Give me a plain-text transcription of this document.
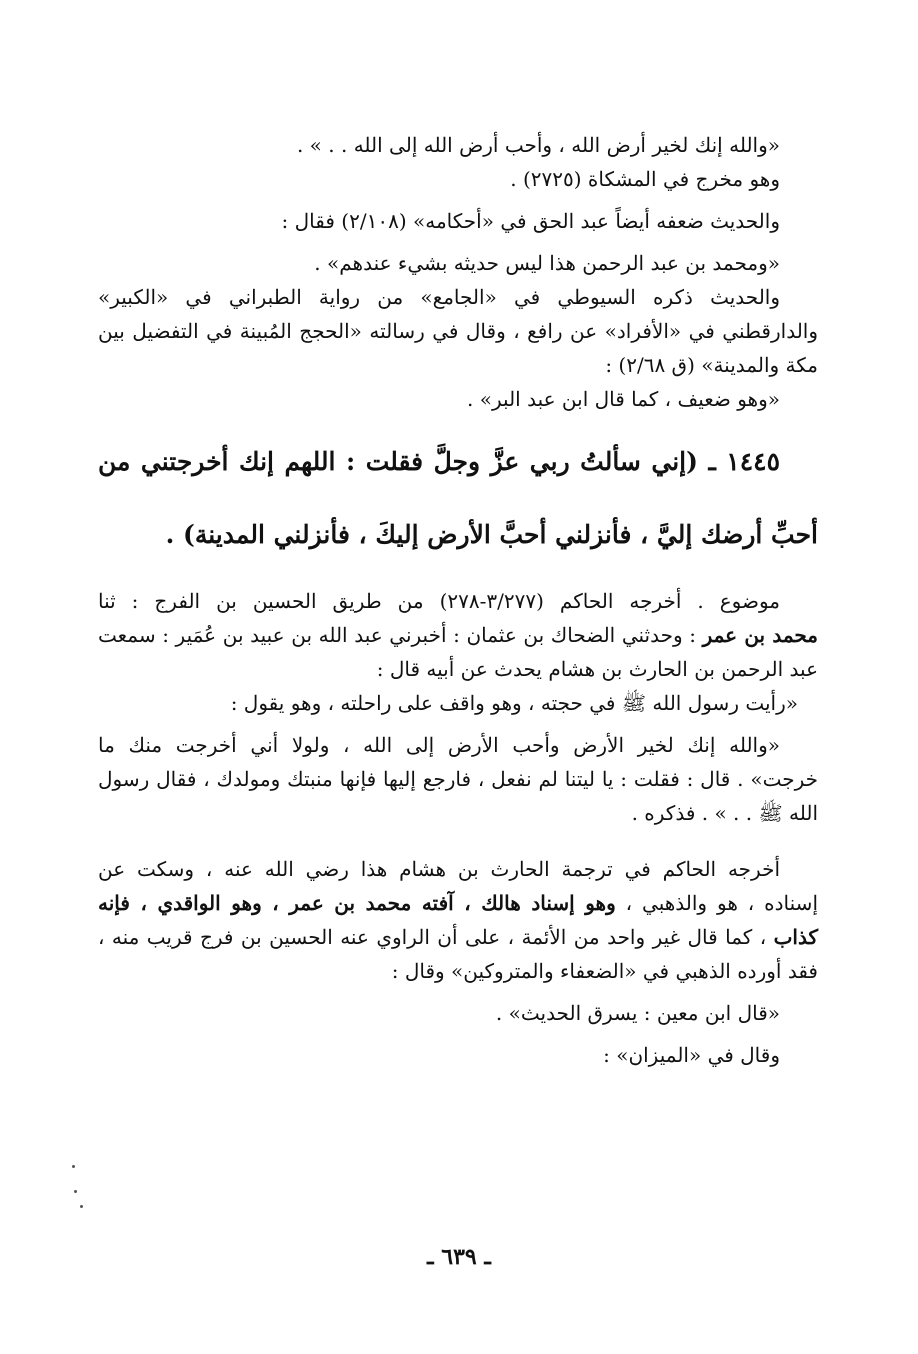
«والله إنك لخير أرض الله ، وأحب أرض الله إلى الله . . » .

وهو مخرج في المشكاة (٢٧٢٥) .

والحديث ضعفه أيضاً عبد الحق في «أحكامه» (٢/١٠٨) فقال :

«ومحمد بن عبد الرحمن هذا ليس حديثه بشيء عندهم» .

والحديث ذكره السيوطي في «الجامع» من رواية الطبراني في «الكبير»

والدارقطني في «الأفراد» عن رافع ، وقال في رسالته «الحجج المُبينة في التفضيل بين

مكة والمدينة» (ق ٢/٦٨) :

«وهو ضعيف ، كما قال ابن عبد البر» .

١٤٤٥ ـ (إني سألتُ ربي عزَّ وجلَّ فقلت : اللهم إنك أخرجتني من

أحبِّ أرضك إليَّ ، فأنزلني أحبَّ الأرض إليكَ ، فأنزلني المدينة) .

موضوع . أخرجه الحاكم (٣/٢٧٧-٢٧٨) من طريق الحسين بن الفرج : ثنا

محمد بن عمر : وحدثني الضحاك بن عثمان : أخبرني عبد الله بن عبيد بن عُمَير : سمعت

عبد الرحمن بن الحارث بن هشام يحدث عن أبيه قال :

«رأيت رسول الله ﷺ في حجته ، وهو واقف على راحلته ، وهو يقول :

«والله إنك لخير الأرض وأحب الأرض إلى الله ، ولولا أني أخرجت منك ما

خرجت» . قال : فقلت : يا ليتنا لم نفعل ، فارجع إليها فإنها منبتك ومولدك ، فقال رسول

الله ﷺ . . » . فذكره .

أخرجه الحاكم في ترجمة الحارث بن هشام هذا رضي الله عنه ، وسكت عن

إسناده ، هو والذهبي ، وهو إسناد هالك ، آفته محمد بن عمر ، وهو الواقدي ، فإنه

كذاب ، كما قال غير واحد من الأئمة ، على أن الراوي عنه الحسين بن فرج قريب منه ،

فقد أورده الذهبي في «الضعفاء والمتروكين» وقال :

«قال ابن معين : يسرق الحديث» .

وقال في «الميزان» :

ـ ٦٣٩ ـ
